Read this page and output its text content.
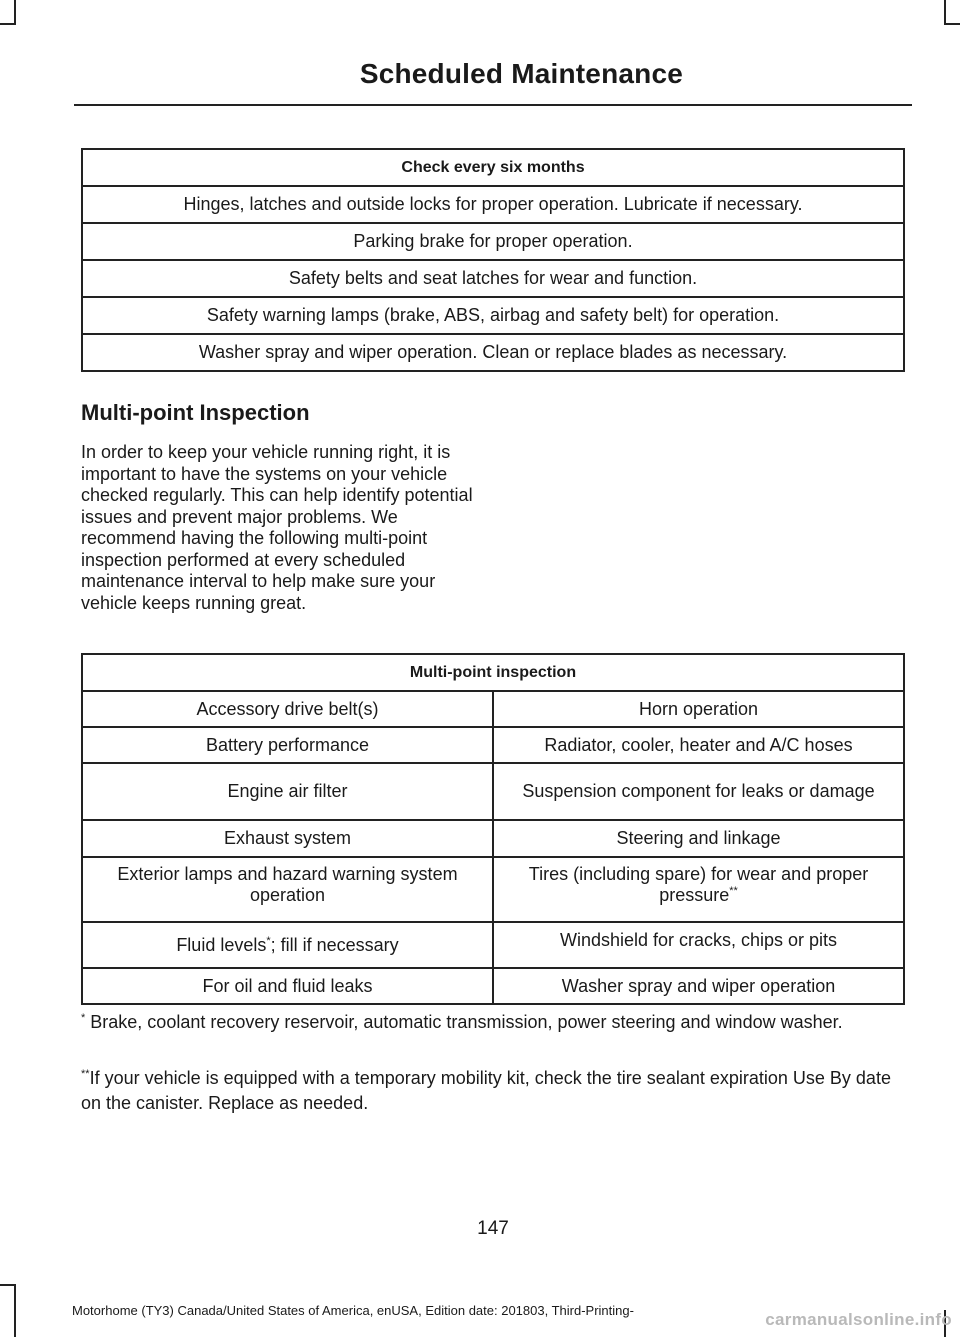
Scheduled Maintenance
Check every six months
Hinges, latches and outside locks for proper operation. Lubricate if necessary.
Parking brake for proper operation.
Safety belts and seat latches for wear and function.
Safety warning lamps (brake, ABS, airbag and safety belt) for operation.
Washer spray and wiper operation. Clean or replace blades as necessary.
Multi-point Inspection

In order to keep your vehicle running right, it is important to have the systems on your vehicle checked regularly. This can help identify potential issues and prevent major problems. We recommend having the following multi-point inspection performed at every scheduled maintenance interval to help make sure your vehicle keeps running great.

Multi-point inspection	
Accessory drive belt(s)	Horn operation
Battery performance	Radiator, cooler, heater and A/C hoses
Engine air filter	Suspension component for leaks or damage
Exhaust system	Steering and linkage
Exterior lamps and hazard warning system operation	Tires (including spare) for wear and proper pressure**
Fluid levels*; fill if necessary	Windshield for cracks, chips or pits
For oil and fluid leaks	Washer spray and wiper operation

* Brake, coolant recovery reservoir, automatic transmission, power steering and window washer.

**If your vehicle is equipped with a temporary mobility kit, check the tire sealant expiration Use By date on the canister. Replace as needed.

147

Motorhome (TY3) Canada/United States of America, enUSA, Edition date: 201803, Third-Printing-	carmanualsonline.info
